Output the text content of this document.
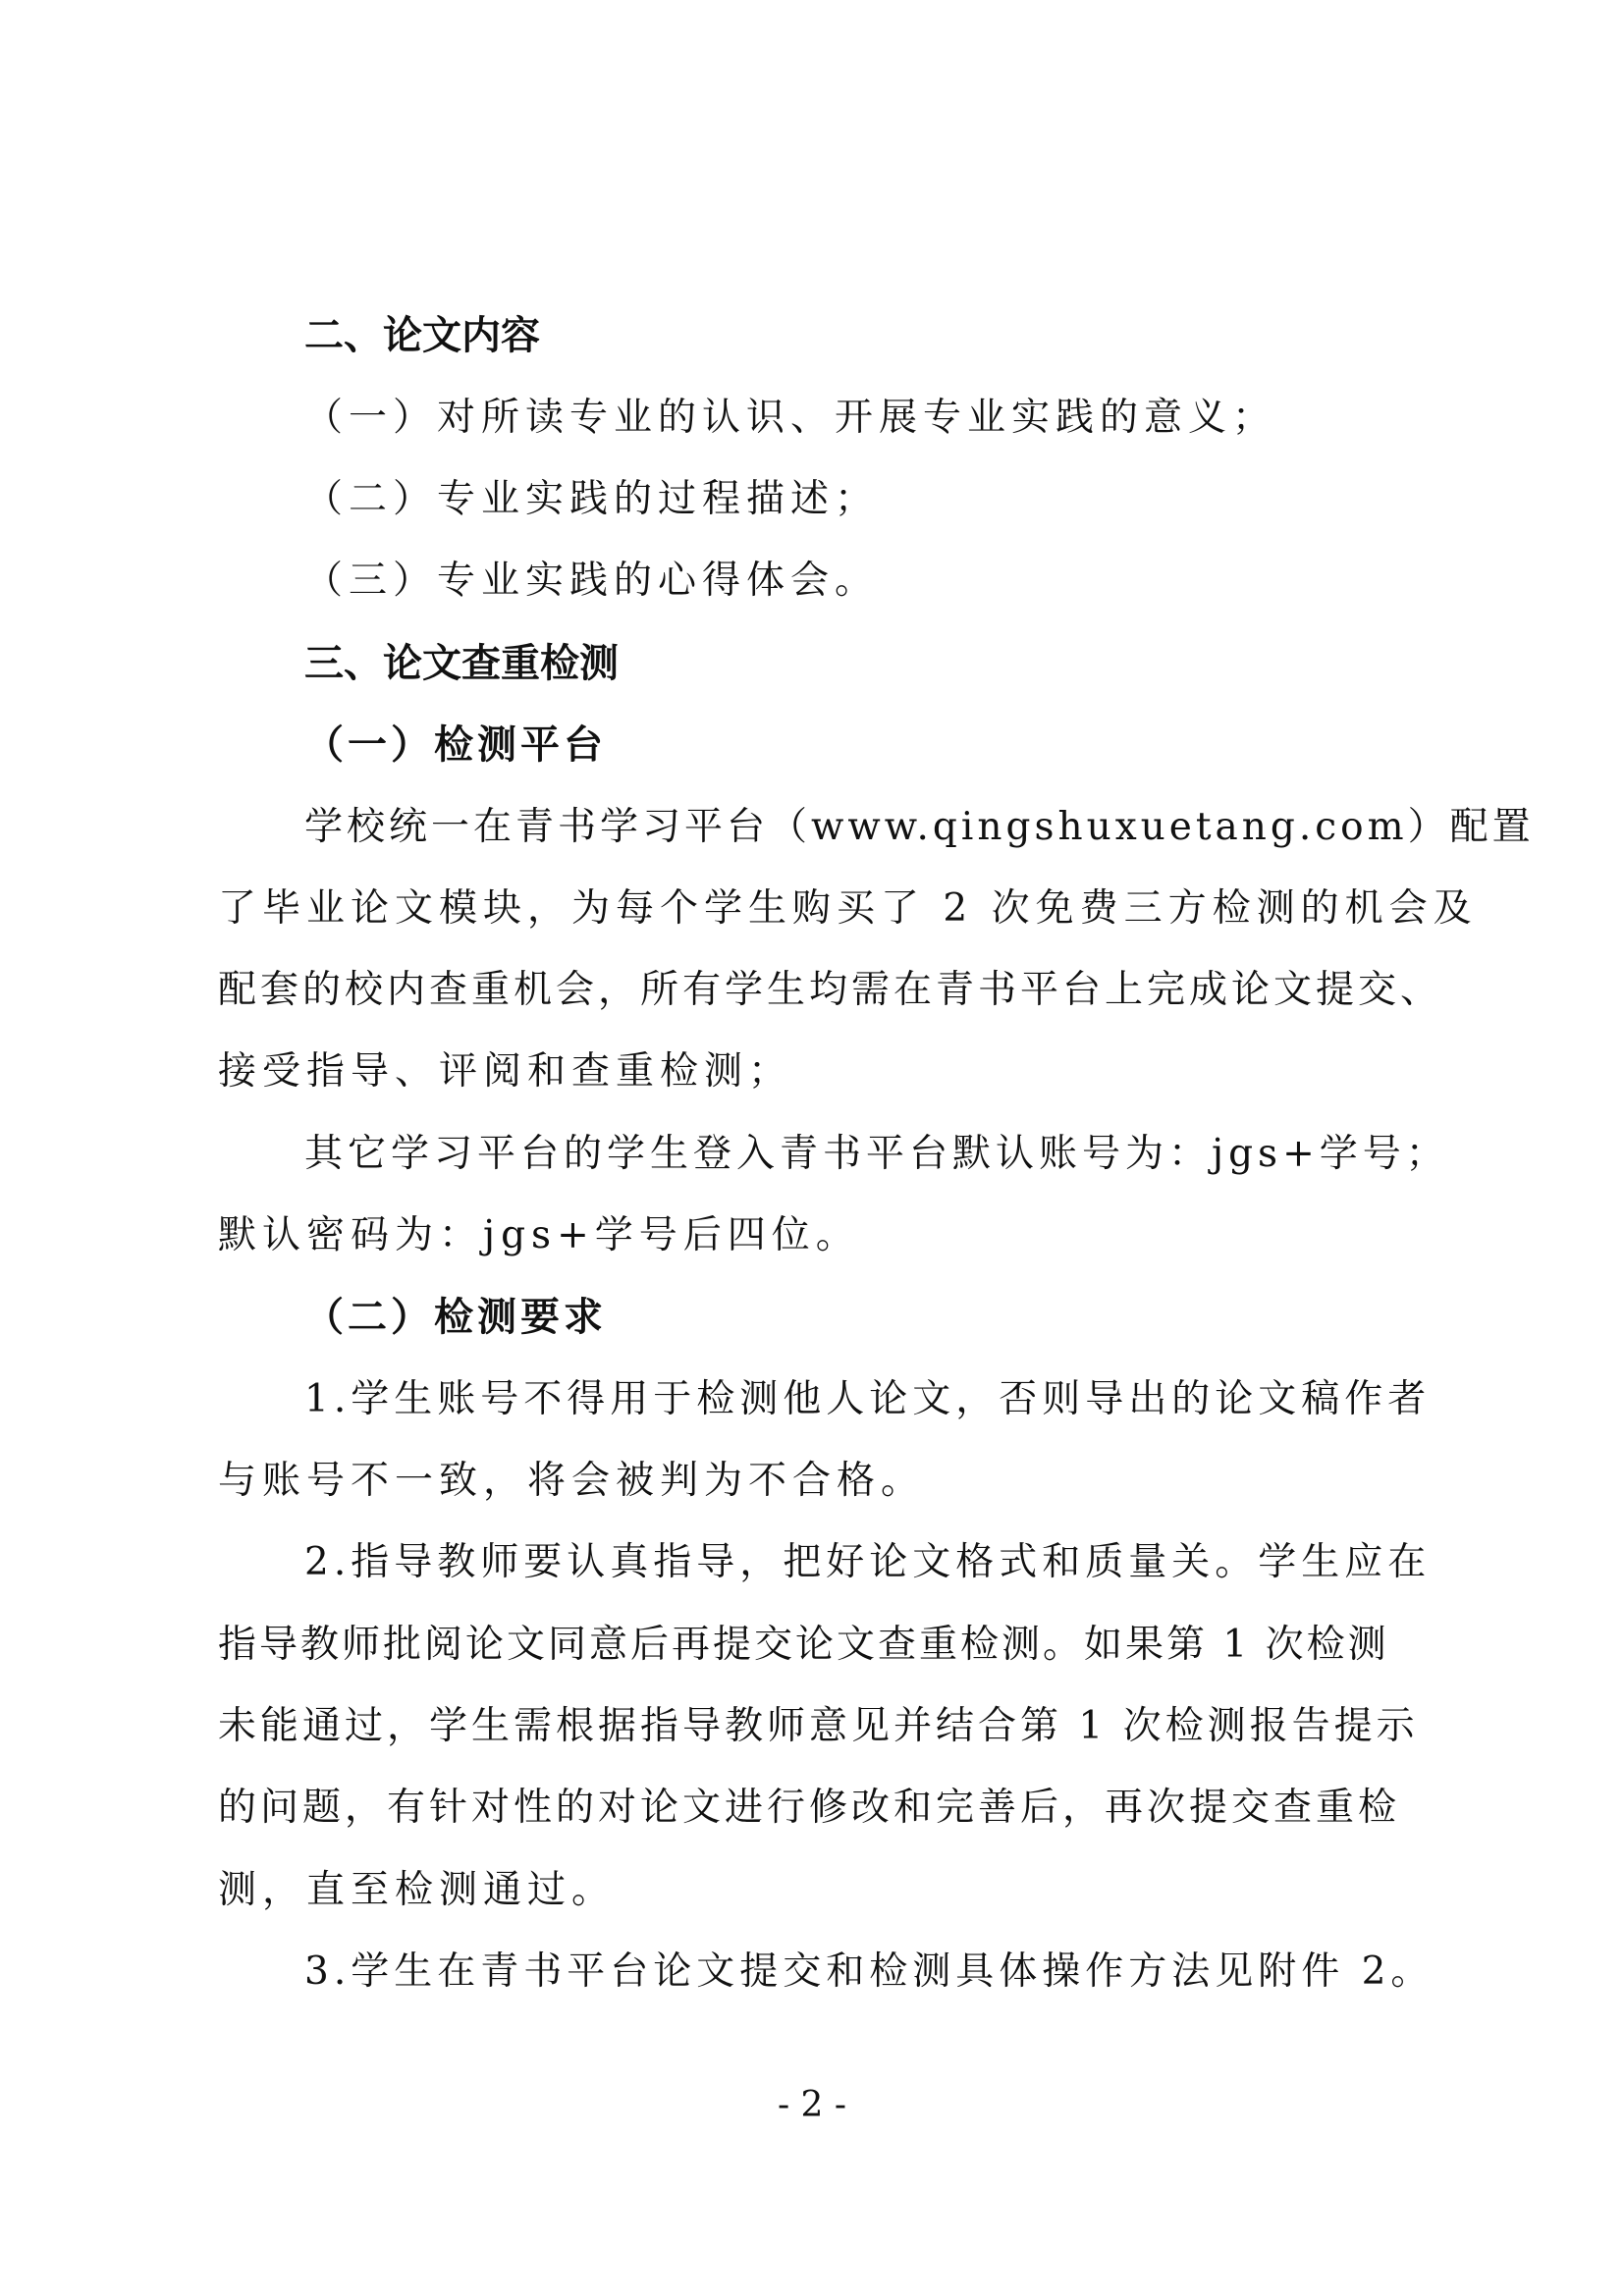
二、论文内容
（一）对所读专业的认识、开展专业实践的意义；
（二）专业实践的过程描述；
（三）专业实践的心得体会。
三、论文查重检测
（一）检测平台
学校统一在青书学习平台（www.qingshuxuetang.com）配置
了毕业论文模块，为每个学生购买了 2 次免费三方检测的机会及
配套的校内查重机会，所有学生均需在青书平台上完成论文提交、
接受指导、评阅和查重检测；
其它学习平台的学生登入青书平台默认账号为：jgs+学号；
默认密码为：jgs+学号后四位。
（二）检测要求
1.学生账号不得用于检测他人论文，否则导出的论文稿作者
与账号不一致，将会被判为不合格。
2.指导教师要认真指导，把好论文格式和质量关。学生应在
指导教师批阅论文同意后再提交论文查重检测。如果第 1 次检测
未能通过，学生需根据指导教师意见并结合第 1 次检测报告提示
的问题，有针对性的对论文进行修改和完善后，再次提交查重检
测，直至检测通过。
3.学生在青书平台论文提交和检测具体操作方法见附件 2。
- 2 -
